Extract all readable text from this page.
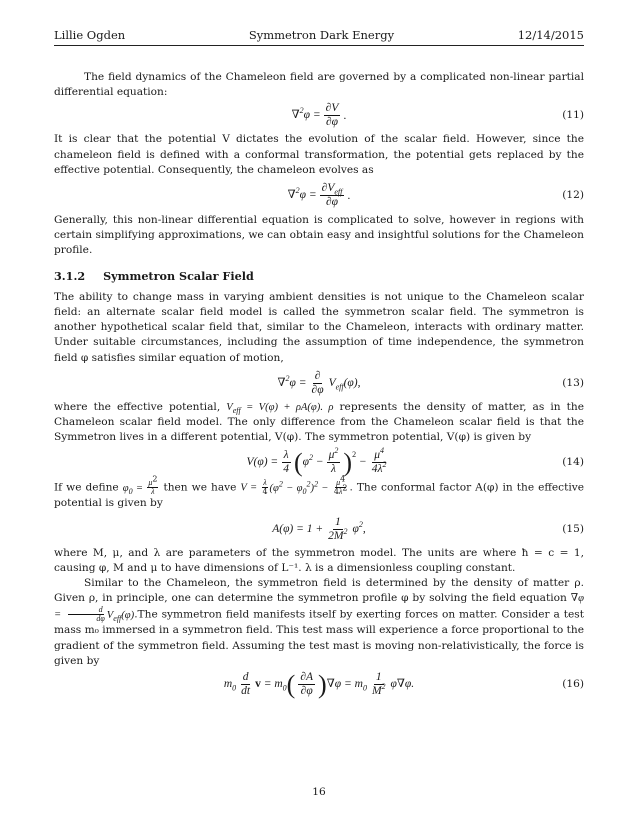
Lillie Ogden	Symmetron Dark Energy	12/14/2015

The field dynamics of the Chameleon field are governed by a complicated non-linear partial differential equation:

$\nabla^2\varphi = \frac{\partial V}{\partial\varphi}$ .	(11)

It is clear that the potential V dictates the evolution of the scalar field. However, since the chameleon field is defined with a conformal transformation, the potential gets replaced by the effective potential. Consequently, the chameleon evolves as

$\nabla^2\varphi = \frac{\partial V_{eff}}{\partial\varphi}$ .	(12)

Generally, this non-linear differential equation is complicated to solve, however in regions with certain simplifying approximations, we can obtain easy and insightful solutions for the Chameleon profile.

3.1.2 Symmetron Scalar Field

The ability to change mass in varying ambient densities is not unique to the Chameleon scalar field: an alternate scalar field model is called the symmetron scalar field. The symmetron is another hypothetical scalar field that, similar to the Chameleon, interacts with ordinary matter. Under suitable circumstances, including the assumption of time independence, the symmetron field φ satisfies similar equation of motion,

$\nabla^2\varphi = \frac{\partial}{\partial\varphi} V_{eff}(\varphi)$,	(13)

where the effective potential, $V_{eff} = V(\varphi) + \rho A(\varphi)$. ρ represents the density of matter, as in the Chameleon scalar field model. The only difference from the Chameleon scalar field is that the Symmetron lives in a different potential, V(φ). The symmetron potential, V(φ) is given by

$V(\varphi) = \frac{\lambda}{4}$ ( $\varphi^2 - \frac{\mu^2}{\lambda} )^2$
− $\frac{\mu^4}{4\lambda^2}$	(14)

If we define $\varphi_0 = \frac{\mu^2}{\lambda}$ then we have $V = \frac{\lambda}{4} (\varphi^2 - \varphi_0^2)^2 - \frac{\mu^4}{4\lambda^2}$ . The conformal factor A(φ) in the effective potential is given by

$A(\varphi) = 1 + \frac{1}{2M^2} \varphi^2$,	(15)

where M, μ, and λ are parameters of the symmetron model. The units are where ħ = c = 1, causing φ, M and μ to have dimensions of L⁻¹. λ is a dimensionless coupling constant.

Similar to the Chameleon, the symmetron field is determined by the density of matter ρ. Given ρ, in principle, one can determine the symmetron profile φ by solving the field equation $\nabla\varphi = \frac{d}{d\varphi} V_{eff}(\varphi).The$ symmetron field manifests itself by exerting forces on matter. Consider a test mass m₀ immersed in a symmetron field. This test mass will experience a force proportional to the gradient of the symmetron field. Assuming the test mast is moving non-relativistically, the force is given by

$m_0 \frac{d}{dt}$ $v = m_0$ ( $\frac{\partial A}{\partial\varphi}$ ) $\nabla\varphi = m_0 \frac{1}{M^2} \varphi\nabla\varphi$.	(16)
16
